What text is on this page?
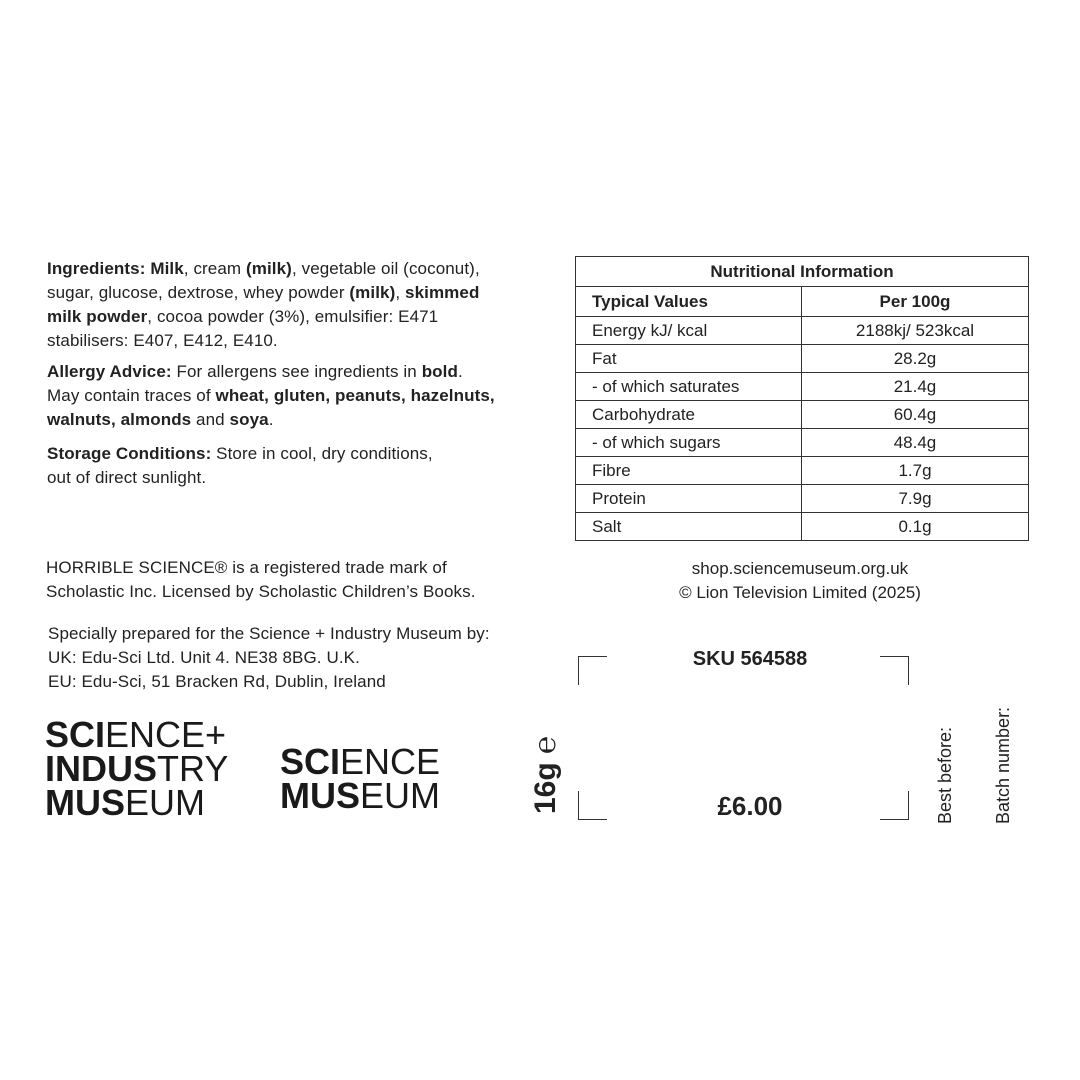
Ingredients: Milk, cream (milk), vegetable oil (coconut),
sugar, glucose, dextrose, whey powder (milk), skimmed
milk powder, cocoa powder (3%), emulsifier: E471
stabilisers: E407, E412, E410.
Allergy Advice: For allergens see ingredients in bold.
May contain traces of wheat, gluten, peanuts, hazelnuts,
walnuts, almonds and soya.
Storage Conditions: Store in cool, dry conditions,
out of direct sunlight.
HORRIBLE SCIENCE® is a registered trade mark of
Scholastic Inc. Licensed by Scholastic Children’s Books.
Specially prepared for the Science + Industry Museum by:
UK: Edu-Sci Ltd. Unit 4. NE38 8BG. U.K.
EU: Edu-Sci, 51 Bracken Rd, Dublin, Ireland
Nutritional Information	
Typical Values	Per 100g
Energy kJ/ kcal	2188kj/ 523kcal
Fat	28.2g
- of which saturates	21.4g
Carbohydrate	60.4g
- of which sugars	48.4g
Fibre	1.7g
Protein	7.9g
Salt	0.1g
shop.sciencemuseum.org.uk
© Lion Television Limited (2025)
SCIENCE+
INDUSTRY
MUSEUM
SCIENCE
MUSEUM	16g ℮
SKU 564588
£6.00	Best before: Batch number:
